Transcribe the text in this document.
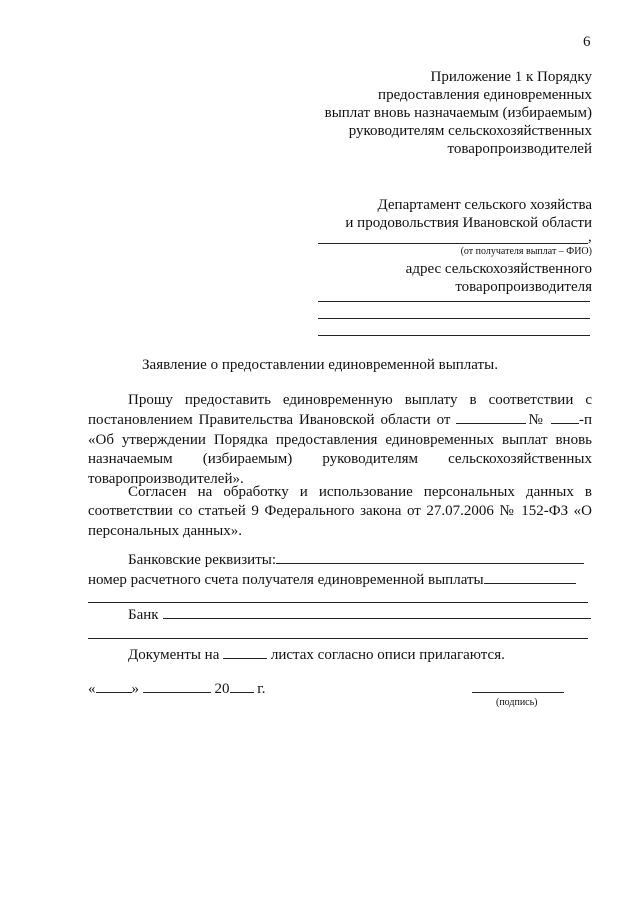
6
Приложение 1 к Порядку
предоставления единовременных
выплат вновь назначаемым (избираемым)
руководителям сельскохозяйственных
товаропроизводителей
Департамент сельского хозяйства
и продовольствия Ивановской области
,
(от получателя выплат – ФИО)
адрес сельскохозяйственного
товаропроизводителя
Заявление о предоставлении единовременной выплаты.

Прошу предоставить единовременную выплату в соответствии с постановлением Правительства Ивановской области от	№ -п «Об утверждении Порядка предоставления единовременных выплат вновь назначаемым (избираемым) руководителям сельскохозяйственных товаропроизводителей».

Согласен на обработку и использование персональных данных в соответствии со статьей 9 Федерального закона от 27.07.2006 № 152-ФЗ «О персональных данных».

Банковские реквизиты:
номер расчетного счета получателя единовременной выплаты
Банк
Документы на	листах согласно описи прилагаются.
« »	20 г.
(подпись)
